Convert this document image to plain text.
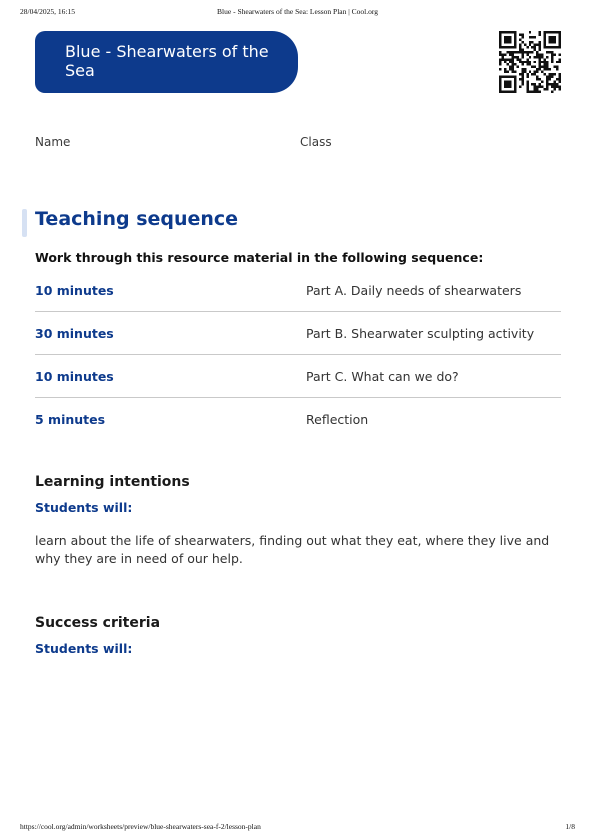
28/04/2025, 16:15	Blue - Shearwaters of the Sea: Lesson Plan | Cool.org
Blue - Shearwaters of the Sea
Name	Class
Teaching sequence

Work through this resource material in the following sequence:

10 minutes	Part A. Daily needs of shearwaters
30 minutes	Part B. Shearwater sculpting activity
10 minutes	Part C. What can we do?
5 minutes	Reflection
Learning intentions

Students will:

learn about the life of shearwaters, finding out what they eat, where they live and why they are in need of our help.

Success criteria

Students will:

https://cool.org/admin/worksheets/preview/blue-shearwaters-sea-f-2/lesson-plan	1/8
